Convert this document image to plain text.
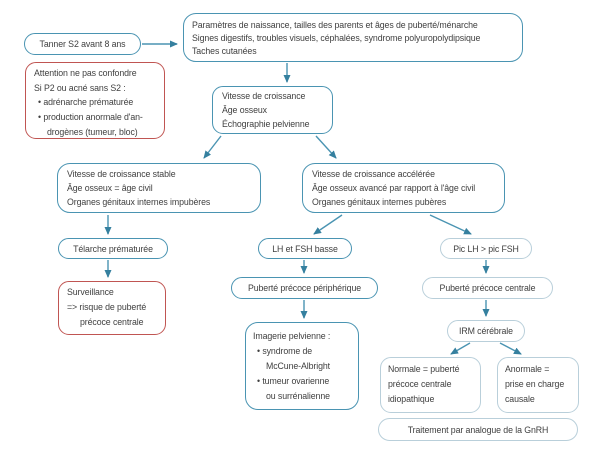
Tanner S2 avant 8 ans
Paramètres de naissance, tailles des parents et âges de puberté/ménarche
Signes digestifs, troubles visuels, céphalées, syndrome polyuropolydipsique
Taches cutanées
Attention ne pas confondre
Si P2 ou acné sans S2 :
• adrénarche prématurée
• production anormale d'an-
drogènes (tumeur, bloc)
Vitesse de croissance
Âge osseux
Échographie pelvienne
Vitesse de croissance stable
Âge osseux = âge civil
Organes génitaux internes impubères
Vitesse de croissance accélérée
Âge osseux avancé par rapport à l'âge civil
Organes génitaux internes pubères
Télarche prématurée
Surveillance
=> risque de puberté
précoce centrale
LH et FSH basse
Puberté précoce périphérique
Imagerie pelvienne :
• syndrome de
McCune-Albright
• tumeur ovarienne
ou surrénalienne
Pic LH > pic FSH
Puberté précoce centrale
IRM cérébrale
Normale = puberté
précoce centrale
idiopathique
Anormale =
prise en charge
causale
Traitement par analogue de la GnRH
